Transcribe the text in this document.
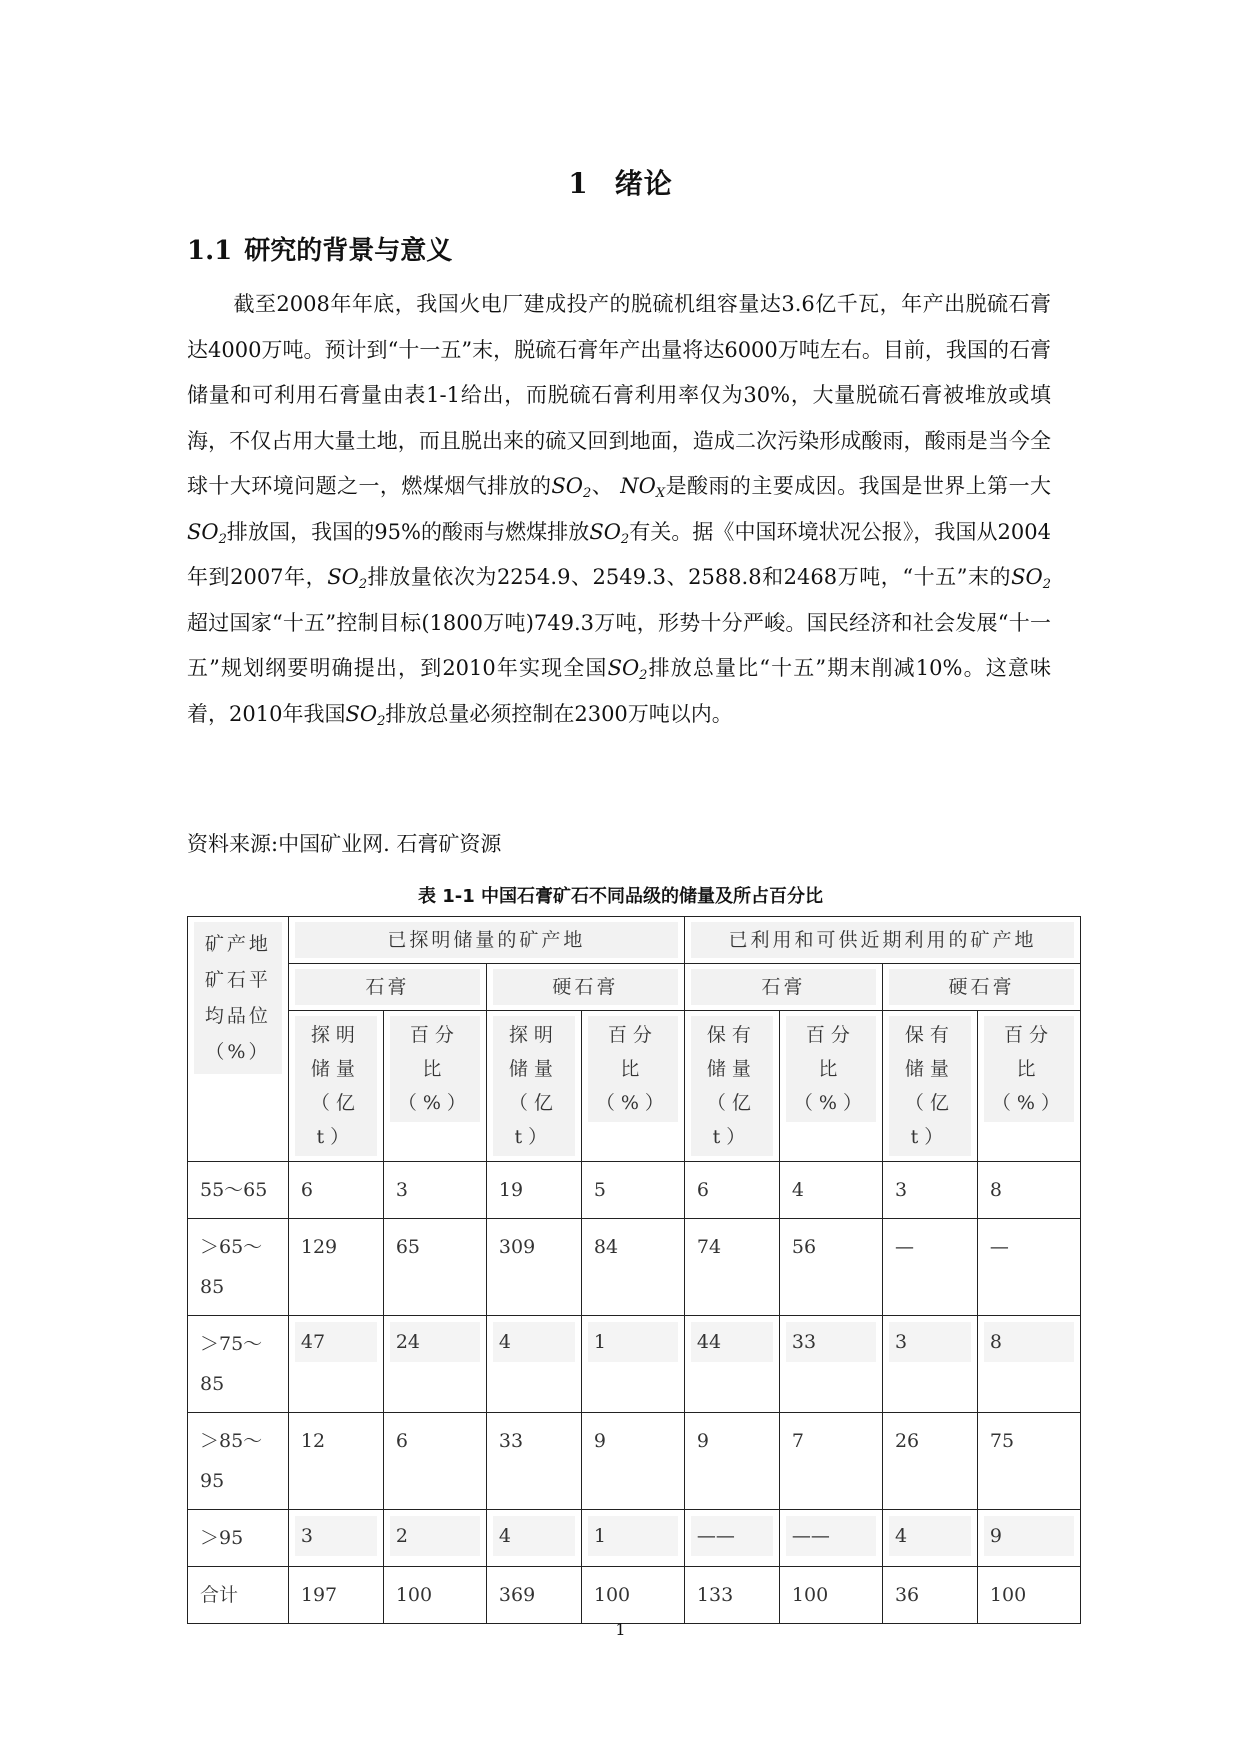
1 绪论
1.1 研究的背景与意义

截至2008年年底，我国火电厂建成投产的脱硫机组容量达3.6亿千瓦，年产出脱硫石膏达4000万吨。预计到“十一五”末，脱硫石膏年产出量将达6000万吨左右。目前，我国的石膏储量和可利用石膏量由表1-1给出，而脱硫石膏利用率仅为30%，大量脱硫石膏被堆放或填海，不仅占用大量土地，而且脱出来的硫又回到地面，造成二次污染形成酸雨，酸雨是当今全球十大环境问题之一，燃煤烟气排放的$SO_2$、 $NO_X$是酸雨的主要成因。我国是世界上第一大$SO_2$排放国，我国的95%的酸雨与燃煤排放$SO_2$有关。据《中国环境状况公报》，我国从2004年到2007年，$SO_2$排放量依次为2254.9、2549.3、2588.8和2468万吨，“十五”末的$SO_2$超过国家“十五”控制目标(1800万吨)749.3万吨，形势十分严峻。国民经济和社会发展“十一五”规划纲要明确提出，到2010年实现全国$SO_2$排放总量比“十五”期末削减10%。这意味着，2010年我国$SO_2$排放总量必须控制在2300万吨以内。

资料来源:中国矿业网. 石膏矿资源
表 1-1 中国石膏矿石不同品级的储量及所占百分比
矿产地
矿石平
均品位
（%）	已探明储量的矿产地				已利用和可供近期利用的矿产地			

	石膏		硬石膏		石膏		硬石膏	

	探明
储量
（亿 t）	百分
比
（%）	探明
储量
（亿 t）	百分
比
（%）	保有
储量
（亿 t）	百分
比
（%）	保有
储量
（亿 t）	百分
比
（%）

55～65	6	3	19	5	6	4	3	8

＞65～
85	129	65	309	84	74	56	—	—

＞75～
85	47	24	4	1	44	33	3	8

＞85～
95	12	6	33	9	9	7	26	75

＞95	3	2	4	1	——	——	4	9

合计	197	100	369	100	133	100	36	100
1
